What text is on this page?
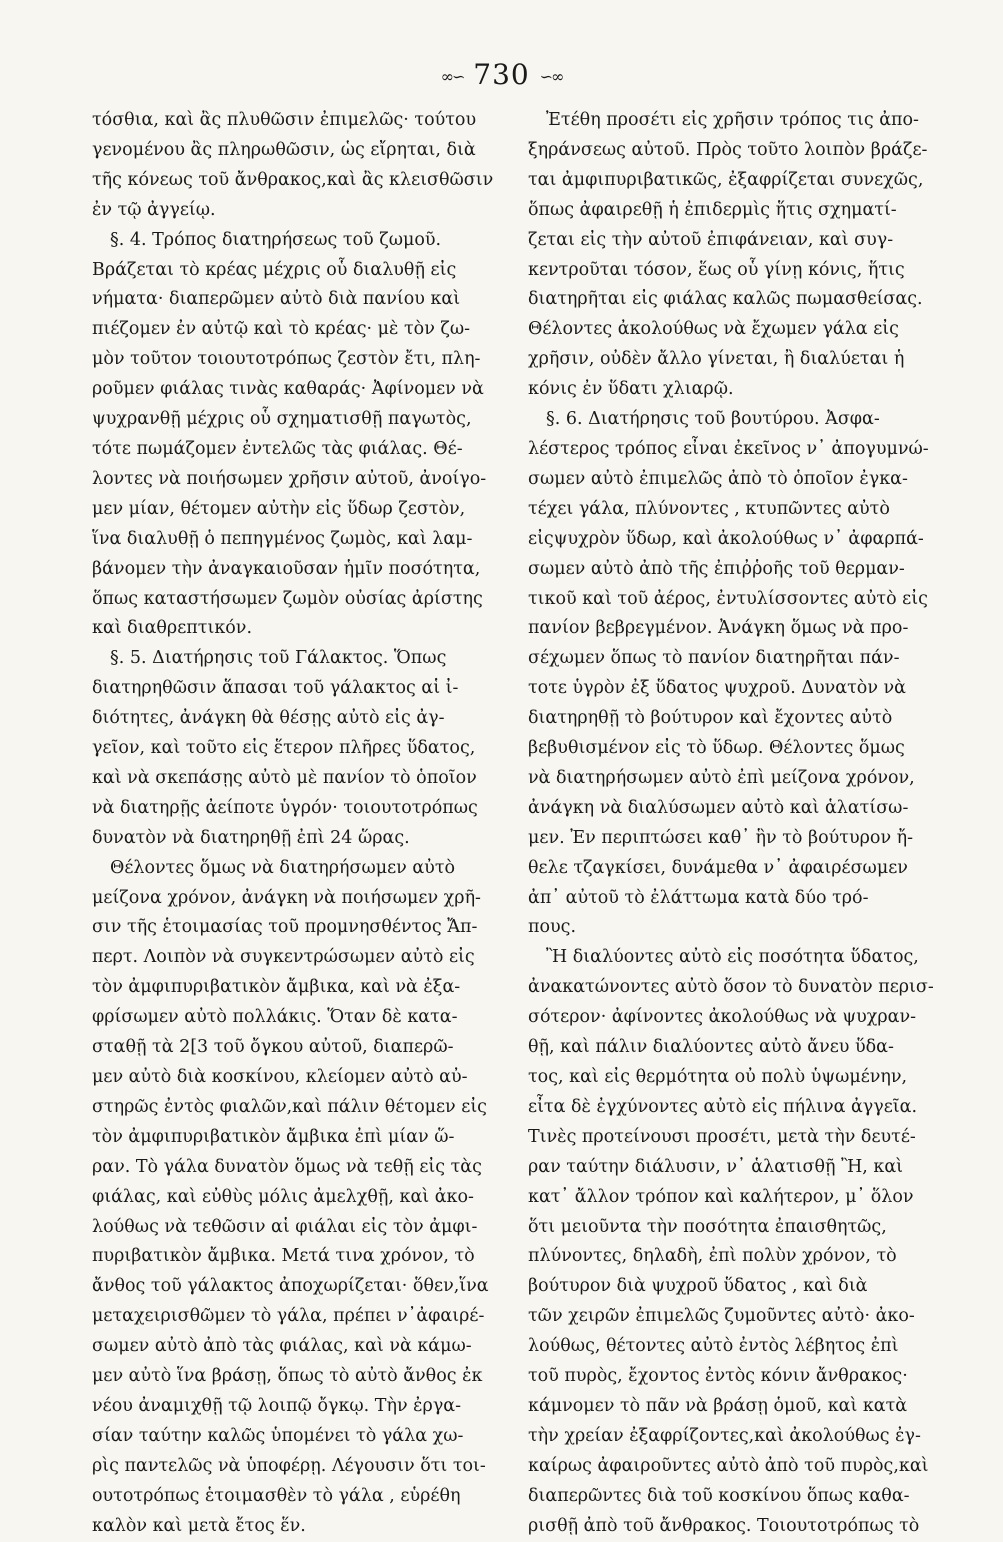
∞∽ 730 ∽∞
τόσθια, καὶ ἂς πλυθῶσιν ἐπιμελῶς· τούτου
γενομένου ἂς πληρωθῶσιν, ὡς εἴρηται, διὰ
τῆς κόνεως τοῦ ἄνθρακος,καὶ ἂς κλεισθῶσιν
ἐν τῷ ἀγγείῳ.
§. 4. Τρόπος διατηρήσεως τοῦ ζωμοῦ.
Βράζεται τὸ κρέας μέχρις οὗ διαλυθῇ εἰς
νήματα· διαπερῶμεν αὐτὸ διὰ πανίου καὶ
πιέζομεν ἐν αὐτῷ καὶ τὸ κρέας· μὲ τὸν ζω-
μὸν τοῦτον τοιουτοτρόπως ζεστὸν ἔτι, πλη-
ροῦμεν φιάλας τινὰς καθαράς· Ἀφίνομεν νὰ
ψυχρανθῇ μέχρις οὗ σχηματισθῇ παγωτὸς,
τότε πωμάζομεν ἐντελῶς τὰς φιάλας. Θέ-
λοντες νὰ ποιήσωμεν χρῆσιν αὐτοῦ, ἀνοίγο-
μεν μίαν, θέτομεν αὐτὴν εἰς ὕδωρ ζεστὸν,
ἵνα διαλυθῇ ὁ πεπηγμένος ζωμὸς, καὶ λαμ-
βάνομεν τὴν ἀναγκαιοῦσαν ἡμῖν ποσότητα,
ὅπως καταστήσωμεν ζωμὸν οὐσίας ἀρίστης
καὶ διαθρεπτικόν.
§. 5. Διατήρησις τοῦ Γάλακτος. Ὅπως
διατηρηθῶσιν ἅπασαι τοῦ γάλακτος αἱ ἰ-
διότητες, ἀνάγκη θὰ θέσῃς αὐτὸ εἰς ἀγ-
γεῖον, καὶ τοῦτο εἰς ἕτερον πλῆρες ὕδατος,
καὶ νὰ σκεπάσῃς αὐτὸ μὲ πανίον τὸ ὁποῖον
νὰ διατηρῇς ἀείποτε ὑγρόν· τοιουτοτρόπως
δυνατὸν νὰ διατηρηθῇ ἐπὶ 24 ὥρας.
Θέλοντες ὅμως νὰ διατηρήσωμεν αὐτὸ
μείζονα χρόνον, ἀνάγκη νὰ ποιήσωμεν χρῆ-
σιν τῆς ἑτοιμασίας τοῦ προμνησθέντος Ἄπ-
περτ. Λοιπὸν νὰ συγκεντρώσωμεν αὐτὸ εἰς
τὸν ἀμφιπυριβατικὸν ἄμβικα, καὶ νὰ ἐξα-
φρίσωμεν αὐτὸ πολλάκις. Ὅταν δὲ κατα-
σταθῇ τὰ 2[3 τοῦ ὄγκου αὐτοῦ, διαπερῶ-
μεν αὐτὸ διὰ κοσκίνου, κλείομεν αὐτὸ αὐ-
στηρῶς ἐντὸς φιαλῶν,καὶ πάλιν θέτομεν εἰς
τὸν ἀμφιπυριβατικὸν ἄμβικα ἐπὶ μίαν ὥ-
ραν. Τὸ γάλα δυνατὸν ὅμως νὰ τεθῇ εἰς τὰς
φιάλας, καὶ εὐθὺς μόλις ἀμελχθῇ, καὶ ἀκο-
λούθως νὰ τεθῶσιν αἱ φιάλαι εἰς τὸν ἀμφι-
πυριβατικὸν ἄμβικα. Μετά τινα χρόνον, τὸ
ἄνθος τοῦ γάλακτος ἀποχωρίζεται· ὅθεν,ἵνα
μεταχειρισθῶμεν τὸ γάλα, πρέπει ν᾽ἀφαιρέ-
σωμεν αὐτὸ ἀπὸ τὰς φιάλας, καὶ νὰ κάμω-
μεν αὐτὸ ἵνα βράσῃ, ὅπως τὸ αὐτὸ ἄνθος ἐκ
νέου ἀναμιχθῇ τῷ λοιπῷ ὄγκῳ. Τὴν ἐργα-
σίαν ταύτην καλῶς ὑπομένει τὸ γάλα χω-
ρὶς παντελῶς νὰ ὑποφέρῃ. Λέγουσιν ὅτι τοι-
ουτοτρόπως ἑτοιμασθὲν τὸ γάλα , εὑρέθη
καλὸν καὶ μετὰ ἔτος ἕν.
Ἐτέθη προσέτι εἰς χρῆσιν τρόπος τις ἀπο-
ξηράνσεως αὐτοῦ. Πρὸς τοῦτο λοιπὸν βράζε-
ται ἀμφιπυριβατικῶς, ἐξαφρίζεται συνεχῶς,
ὅπως ἀφαιρεθῇ ἡ ἐπιδερμὶς ἥτις σχηματί-
ζεται εἰς τὴν αὐτοῦ ἐπιφάνειαν, καὶ συγ-
κεντροῦται τόσον, ἕως οὗ γίνῃ κόνις, ἥτις
διατηρῆται εἰς φιάλας καλῶς πωμασθείσας.
Θέλοντες ἀκολούθως νὰ ἔχωμεν γάλα εἰς
χρῆσιν, οὐδὲν ἄλλο γίνεται, ἢ διαλύεται ἡ
κόνις ἐν ὕδατι χλιαρῷ.
§. 6. Διατήρησις τοῦ βουτύρου. Ἀσφα-
λέστερος τρόπος εἶναι ἐκεῖνος ν᾽ ἀπογυμνώ-
σωμεν αὐτὸ ἐπιμελῶς ἀπὸ τὸ ὁποῖον ἐγκα-
τέχει γάλα, πλύνοντες , κτυπῶντες αὐτὸ
εἰςψυχρὸν ὕδωρ, καὶ ἀκολούθως ν᾽ ἀφαρπά-
σωμεν αὐτὸ ἀπὸ τῆς ἐπιῤῥοῆς τοῦ θερμαν-
τικοῦ καὶ τοῦ ἀέρος, ἐντυλίσσοντες αὐτὸ εἰς
πανίον βεβρεγμένον. Ἀνάγκη ὅμως νὰ προ-
σέχωμεν ὅπως τὸ πανίον διατηρῆται πάν-
τοτε ὑγρὸν ἐξ ὕδατος ψυχροῦ. Δυνατὸν νὰ
διατηρηθῇ τὸ βούτυρον καὶ ἔχοντες αὐτὸ
βεβυθισμένον εἰς τὸ ὕδωρ. Θέλοντες ὅμως
νὰ διατηρήσωμεν αὐτὸ ἐπὶ μείζονα χρόνον,
ἀνάγκη νὰ διαλύσωμεν αὐτὸ καὶ ἁλατίσω-
μεν. Ἐν περιπτώσει καθ᾽ ἣν τὸ βούτυρον ἤ-
θελε τζαγκίσει, δυνάμεθα ν᾽ ἀφαιρέσωμεν
ἀπ᾽ αὐτοῦ τὸ ἐλάττωμα κατὰ δύο τρό-
πους.
Ἢ διαλύοντες αὐτὸ εἰς ποσότητα ὕδατος,
ἀνακατώνοντες αὐτὸ ὅσον τὸ δυνατὸν περισ-
σότερον· ἀφίνοντες ἀκολούθως νὰ ψυχραν-
θῇ, καὶ πάλιν διαλύοντες αὐτὸ ἄνευ ὕδα-
τος, καὶ εἰς θερμότητα οὐ πολὺ ὑψωμένην,
εἶτα δὲ ἐγχύνοντες αὐτὸ εἰς πήλινα ἀγγεῖα.
Τινὲς προτείνουσι προσέτι, μετὰ τὴν δευτέ-
ραν ταύτην διάλυσιν, ν᾽ ἁλατισθῇ Ἢ, καὶ
κατ᾽ ἄλλον τρόπον καὶ καλήτερον, μ᾽ ὅλον
ὅτι μειοῦντα τὴν ποσότητα ἐπαισθητῶς,
πλύνοντες, δηλαδὴ, ἐπὶ πολὺν χρόνον, τὸ
βούτυρον διὰ ψυχροῦ ὕδατος , καὶ διὰ
τῶν χειρῶν ἐπιμελῶς ζυμοῦντες αὐτὸ· ἀκο-
λούθως, θέτοντες αὐτὸ ἐντὸς λέβητος ἐπὶ
τοῦ πυρὸς, ἔχοντος ἐντὸς κόνιν ἄνθρακος·
κάμνομεν τὸ πᾶν νὰ βράσῃ ὁμοῦ, καὶ κατὰ
τὴν χρείαν ἐξαφρίζοντες,καὶ ἀκολούθως ἐγ-
καίρως ἀφαιροῦντες αὐτὸ ἀπὸ τοῦ πυρὸς,καὶ
διαπερῶντες διὰ τοῦ κοσκίνου ὅπως καθα-
ρισθῇ ἀπὸ τοῦ ἄνθρακος. Τοιουτοτρόπως τὸ
